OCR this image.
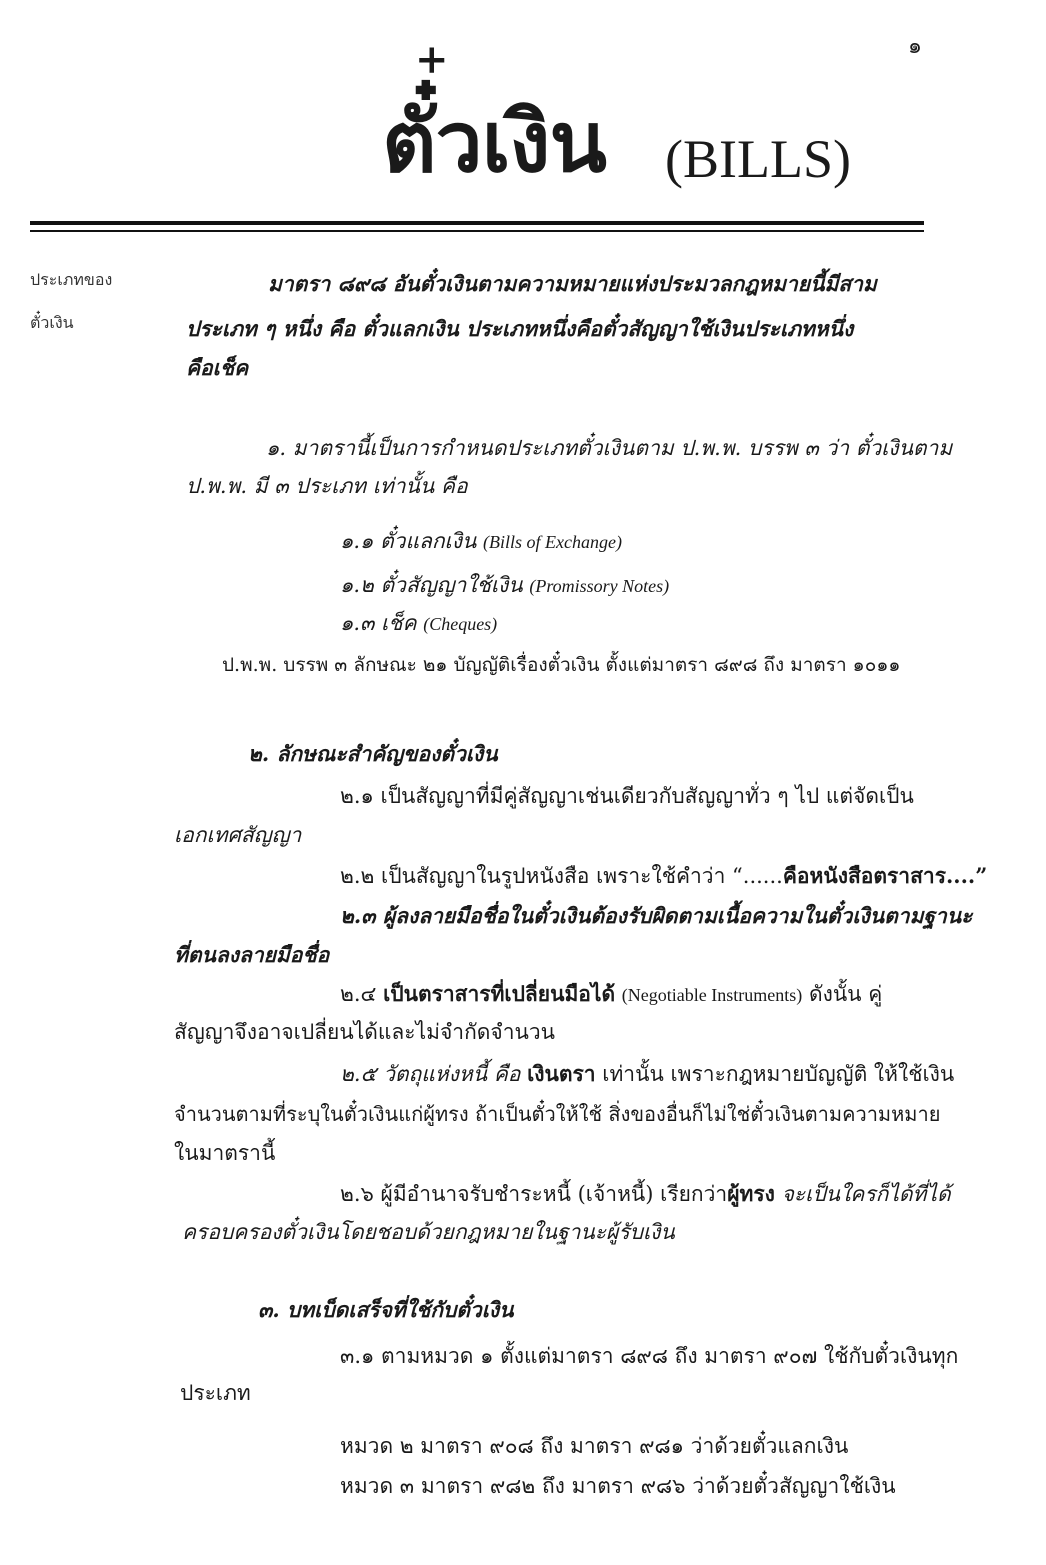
๑
+
ตั๋วเงิน (BILLS)
ประเภทของ
ตั๋วเงิน
มาตรา ๘๙๘ อันตั๋วเงินตามความหมายแห่งประมวลกฎหมายนี้มีสาม
ประเภท ๆ หนึ่ง คือ ตั๋วแลกเงิน ประเภทหนึ่งคือตั๋วสัญญาใช้เงินประเภทหนึ่ง
คือเช็ค
๑. มาตรานี้เป็นการกำหนดประเภทตั๋วเงินตาม ป.พ.พ. บรรพ ๓ ว่า ตั๋วเงินตาม
ป.พ.พ. มี ๓ ประเภท เท่านั้น คือ
๑.๑ ตั๋วแลกเงิน (Bills of Exchange)
๑.๒ ตั๋วสัญญาใช้เงิน (Promissory Notes)
๑.๓ เช็ค (Cheques)
ป.พ.พ. บรรพ ๓ ลักษณะ ๒๑ บัญญัติเรื่องตั๋วเงิน ตั้งแต่มาตรา ๘๙๘ ถึง มาตรา ๑๐๑๑
๒. ลักษณะสำคัญของตั๋วเงิน
๒.๑ เป็นสัญญาที่มีคู่สัญญาเช่นเดียวกับสัญญาทั่ว ๆ ไป แต่จัดเป็น
เอกเทศสัญญา
๒.๒ เป็นสัญญาในรูปหนังสือ เพราะใช้คำว่า “......คือหนังสือตราสาร....”
๒.๓ ผู้ลงลายมือชื่อในตั๋วเงินต้องรับผิดตามเนื้อความในตั๋วเงินตามฐานะ
ที่ตนลงลายมือชื่อ
๒.๔ เป็นตราสารที่เปลี่ยนมือได้ (Negotiable Instruments) ดังนั้น คู่
สัญญาจึงอาจเปลี่ยนได้และไม่จำกัดจำนวน
๒.๕ วัตถุแห่งหนี้ คือ เงินตรา เท่านั้น เพราะกฎหมายบัญญัติ ให้ใช้เงิน
จำนวนตามที่ระบุในตั๋วเงินแก่ผู้ทรง ถ้าเป็นตั๋วให้ใช้ สิ่งของอื่นก็ไม่ใช่ตั๋วเงินตามความหมาย
ในมาตรานี้
๒.๖ ผู้มีอำนาจรับชำระหนี้ (เจ้าหนี้) เรียกว่าผู้ทรง จะเป็นใครก็ได้ที่ได้
ครอบครองตั๋วเงินโดยชอบด้วยกฎหมายในฐานะผู้รับเงิน
๓. บทเบ็ดเสร็จที่ใช้กับตั๋วเงิน
๓.๑ ตามหมวด ๑ ตั้งแต่มาตรา ๘๙๘ ถึง มาตรา ๙๐๗ ใช้กับตั๋วเงินทุก
ประเภท
หมวด ๒ มาตรา ๙๐๘ ถึง มาตรา ๙๘๑ ว่าด้วยตั๋วแลกเงิน
หมวด ๓ มาตรา ๙๘๒ ถึง มาตรา ๙๘๖ ว่าด้วยตั๋วสัญญาใช้เงิน
